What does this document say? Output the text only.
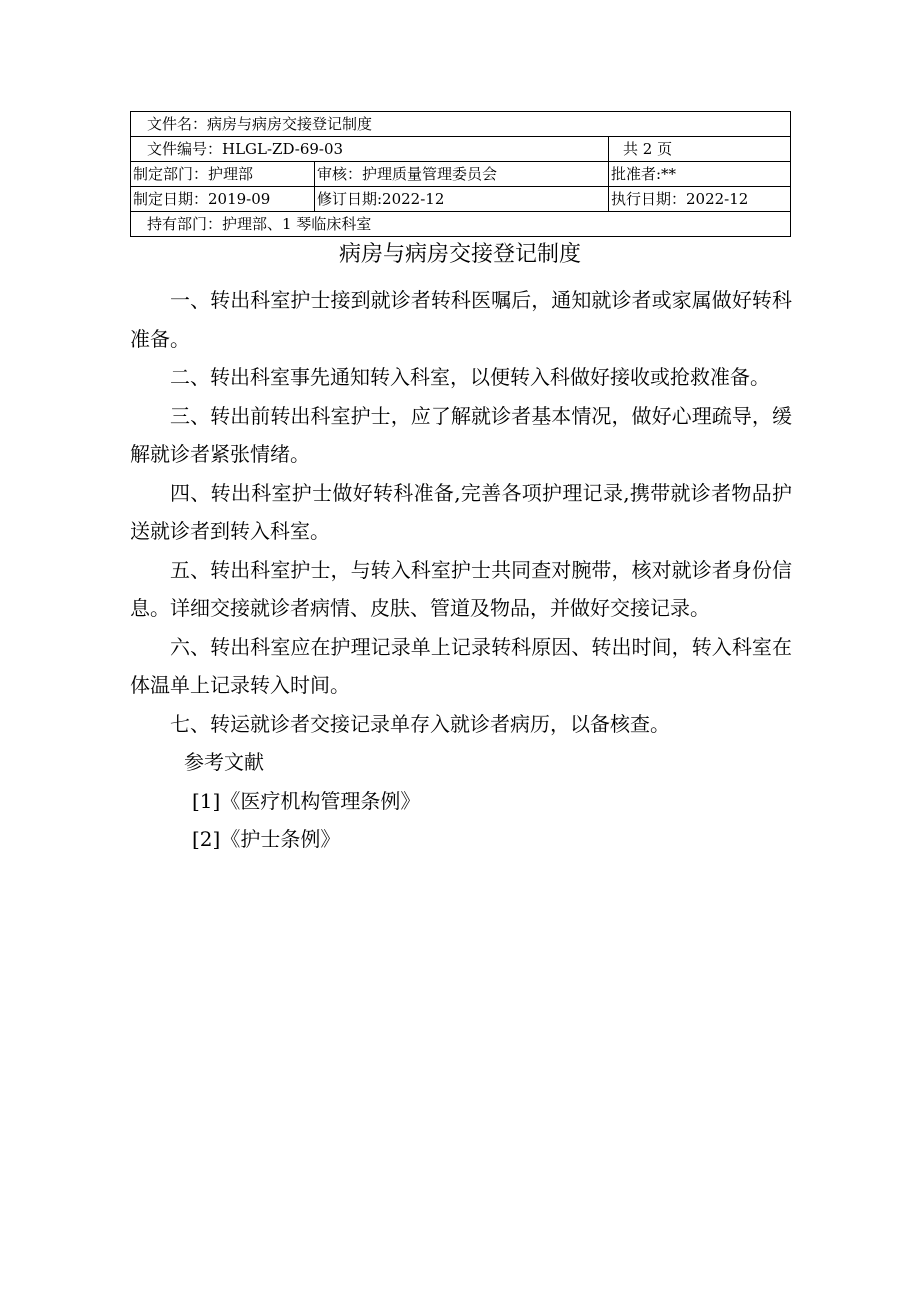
文件名：病房与病房交接登记制度		
文件编号：HLGL-ZD-69-03		共 2 页
制定部门：护理部	审核：护理质量管理委员会	批准者:**
制定日期：2019-09	修订日期:2022-12	执行日期：2022-12
持有部门：护理部、1 琴临床科室		
病房与病房交接登记制度

一、转出科室护士接到就诊者转科医嘱后，通知就诊者或家属做好转科准备。

二、转出科室事先通知转入科室，以便转入科做好接收或抢救准备。

三、转出前转出科室护士，应了解就诊者基本情况，做好心理疏导，缓解就诊者紧张情绪。

四、转出科室护士做好转科准备,完善各项护理记录,携带就诊者物品护送就诊者到转入科室。

五、转出科室护士，与转入科室护士共同查对腕带，核对就诊者身份信息。详细交接就诊者病情、皮肤、管道及物品，并做好交接记录。

六、转出科室应在护理记录单上记录转科原因、转出时间，转入科室在体温单上记录转入时间。

七、转运就诊者交接记录单存入就诊者病历，以备核查。

参考文献

[1]《医疗机构管理条例》

[2]《护士条例》
